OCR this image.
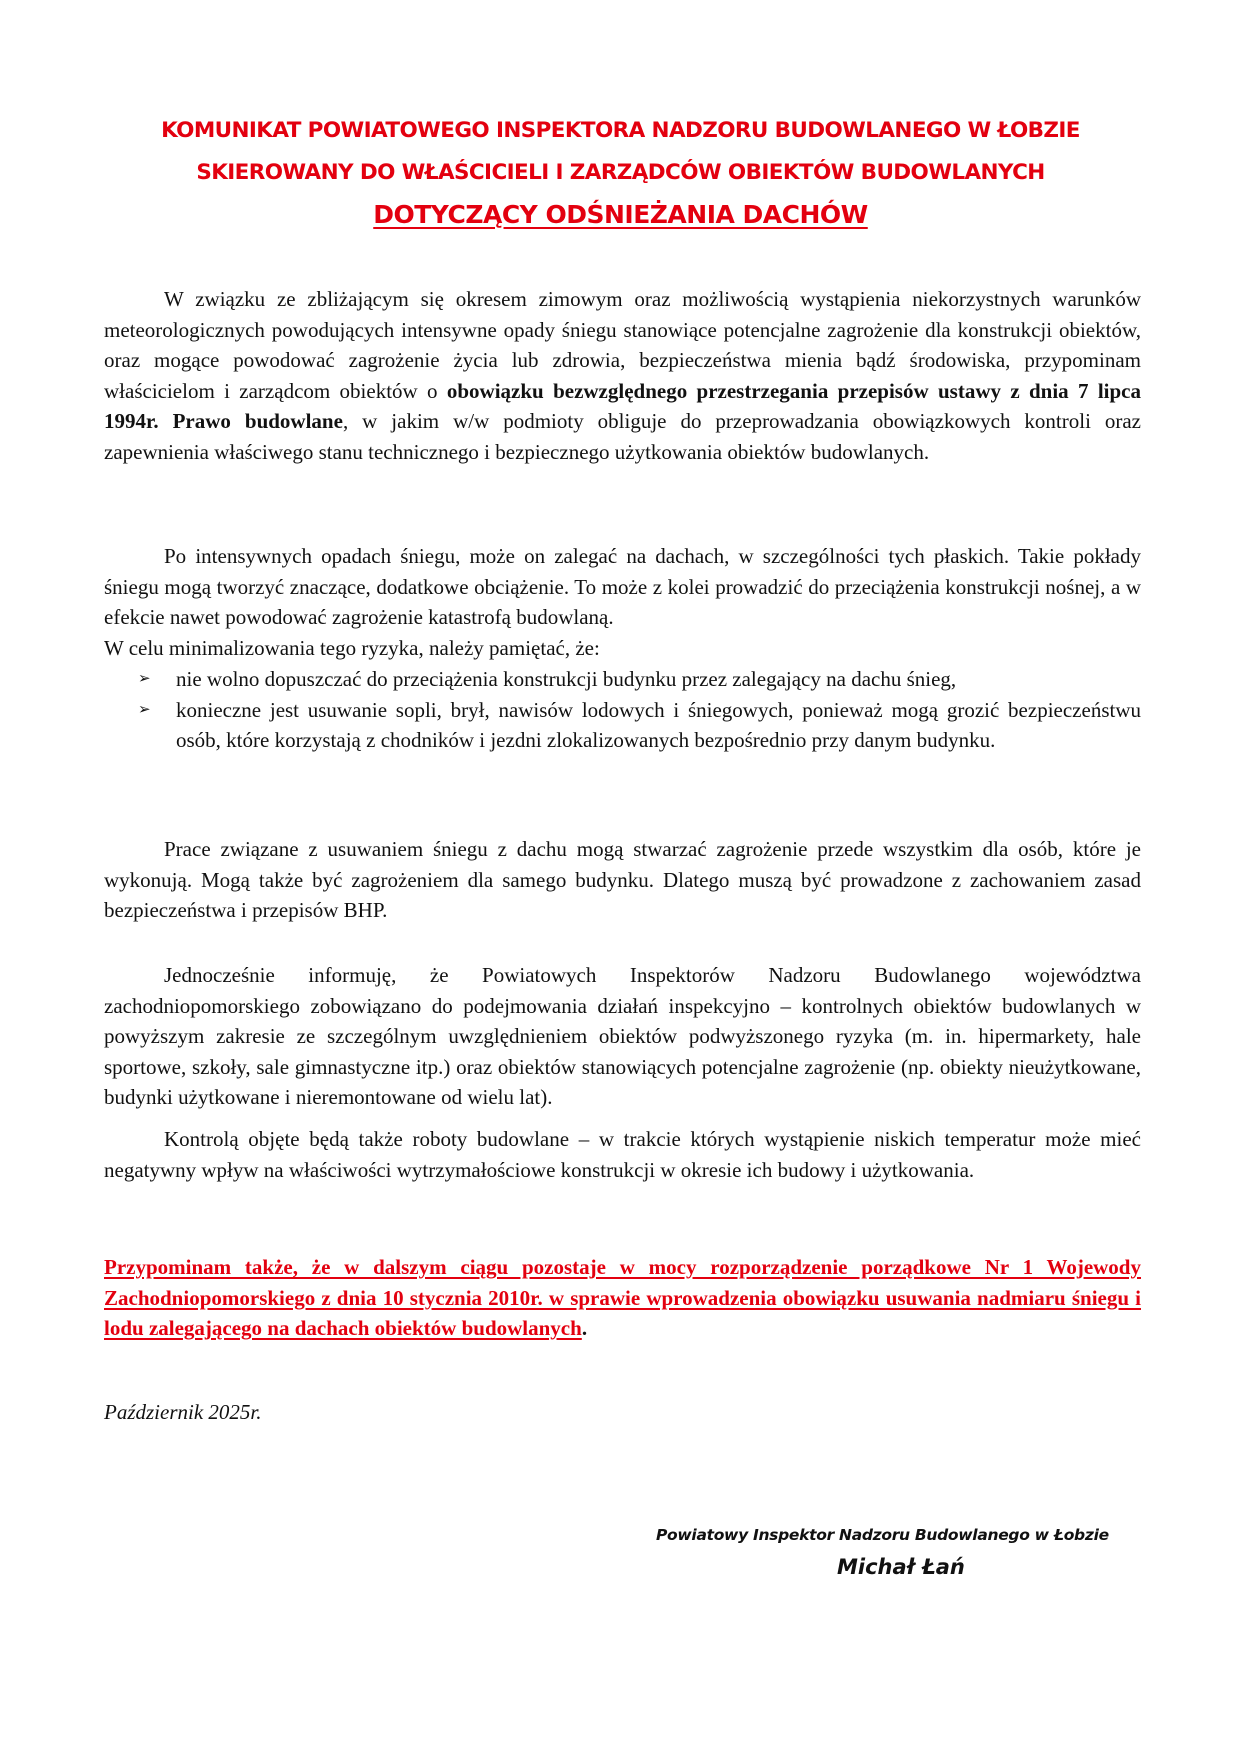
KOMUNIKAT POWIATOWEGO INSPEKTORA NADZORU BUDOWLANEGO W ŁOBZIE
SKIEROWANY DO WŁAŚCICIELI I ZARZĄDCÓW OBIEKTÓW BUDOWLANYCH
DOTYCZĄCY ODŚNIEŻANIA DACHÓW

W związku ze zbliżającym się okresem zimowym oraz możliwością wystąpienia niekorzystnych warunków meteorologicznych powodujących intensywne opady śniegu stanowiące potencjalne zagrożenie dla konstrukcji obiektów, oraz mogące powodować zagrożenie życia lub zdrowia, bezpieczeństwa mienia bądź środowiska, przypominam właścicielom i zarządcom obiektów o obowiązku bezwzględnego przestrzegania przepisów ustawy z dnia 7 lipca 1994r. Prawo budowlane, w jakim w/w podmioty obliguje do przeprowadzania obowiązkowych kontroli oraz zapewnienia właściwego stanu technicznego i bezpiecznego użytkowania obiektów budowlanych.

Po intensywnych opadach śniegu, może on zalegać na dachach, w szczególności tych płaskich. Takie pokłady śniegu mogą tworzyć znaczące, dodatkowe obciążenie. To może z kolei prowadzić do przeciążenia konstrukcji nośnej, a w efekcie nawet powodować zagrożenie katastrofą budowlaną.

W celu minimalizowania tego ryzyka, należy pamiętać, że:

➢ nie wolno dopuszczać do przeciążenia konstrukcji budynku przez zalegający na dachu śnieg,
➢ konieczne jest usuwanie sopli, brył, nawisów lodowych i śniegowych, ponieważ mogą grozić bezpieczeństwu osób, które korzystają z chodników i jezdni zlokalizowanych bezpośrednio przy danym budynku.

Prace związane z usuwaniem śniegu z dachu mogą stwarzać zagrożenie przede wszystkim dla osób, które je wykonują. Mogą także być zagrożeniem dla samego budynku. Dlatego muszą być prowadzone z zachowaniem zasad bezpieczeństwa i przepisów BHP.

Jednocześnie informuję, że Powiatowych Inspektorów Nadzoru Budowlanego województwa zachodniopomorskiego zobowiązano do podejmowania działań inspekcyjno – kontrolnych obiektów budowlanych w powyższym zakresie ze szczególnym uwzględnieniem obiektów podwyższonego ryzyka (m. in. hipermarkety, hale sportowe, szkoły, sale gimnastyczne itp.) oraz obiektów stanowiących potencjalne zagrożenie (np. obiekty nieużytkowane, budynki użytkowane i nieremontowane od wielu lat).

Kontrolą objęte będą także roboty budowlane – w trakcie których wystąpienie niskich temperatur może mieć negatywny wpływ na właściwości wytrzymałościowe konstrukcji w okresie ich budowy i użytkowania.

Przypominam także, że w dalszym ciągu pozostaje w mocy rozporządzenie porządkowe Nr 1 Wojewody Zachodniopomorskiego z dnia 10 stycznia 2010r. w sprawie wprowadzenia obowiązku usuwania nadmiaru śniegu i lodu zalegającego na dachach obiektów budowlanych.

Październik 2025r.
Powiatowy Inspektor Nadzoru Budowlanego w Łobzie
Michał Łań
